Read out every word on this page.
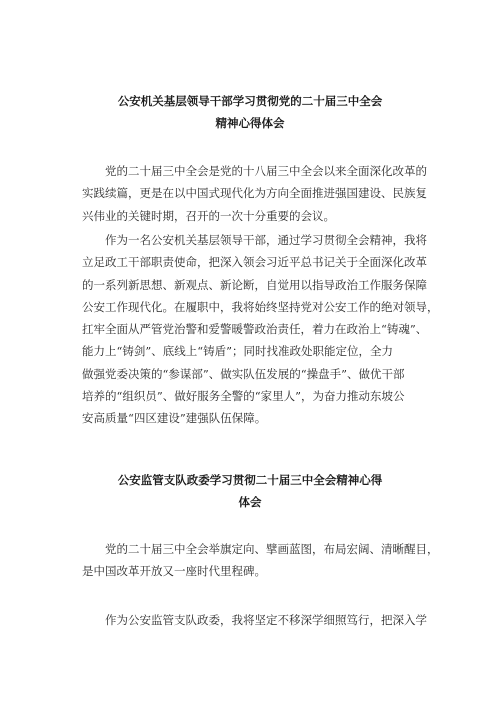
公安机关基层领导干部学习贯彻党的二十届三中全会
精神心得体会
党的二十届三中全会是党的十八届三中全会以来全面深化改革的
实践续篇，更是在以中国式现代化为方向全面推进强国建设、民族复
兴伟业的关键时期，召开的一次十分重要的会议。
作为一名公安机关基层领导干部，通过学习贯彻全会精神，我将
立足政工干部职责使命，把深入领会习近平总书记关于全面深化改革
的一系列新思想、新观点、新论断，自觉用以指导政治工作服务保障
公安工作现代化。在履职中，我将始终坚持党对公安工作的绝对领导，
扛牢全面从严管党治警和爱警暖警政治责任，着力在政治上“铸魂”、
能力上“铸剑”、底线上“铸盾”；同时找准政处职能定位，全力
做强党委决策的“参谋部”、做实队伍发展的“操盘手”、做优干部
培养的“组织员”、做好服务全警的“家里人”，为奋力推动东坡公
安高质量“四区建设”建强队伍保障。
公安监管支队政委学习贯彻二十届三中全会精神心得
体会
党的二十届三中全会举旗定向、擘画蓝图，布局宏阔、清晰醒目，
是中国改革开放又一座时代里程碑。
作为公安监管支队政委，我将坚定不移深学细照笃行，把深入学
